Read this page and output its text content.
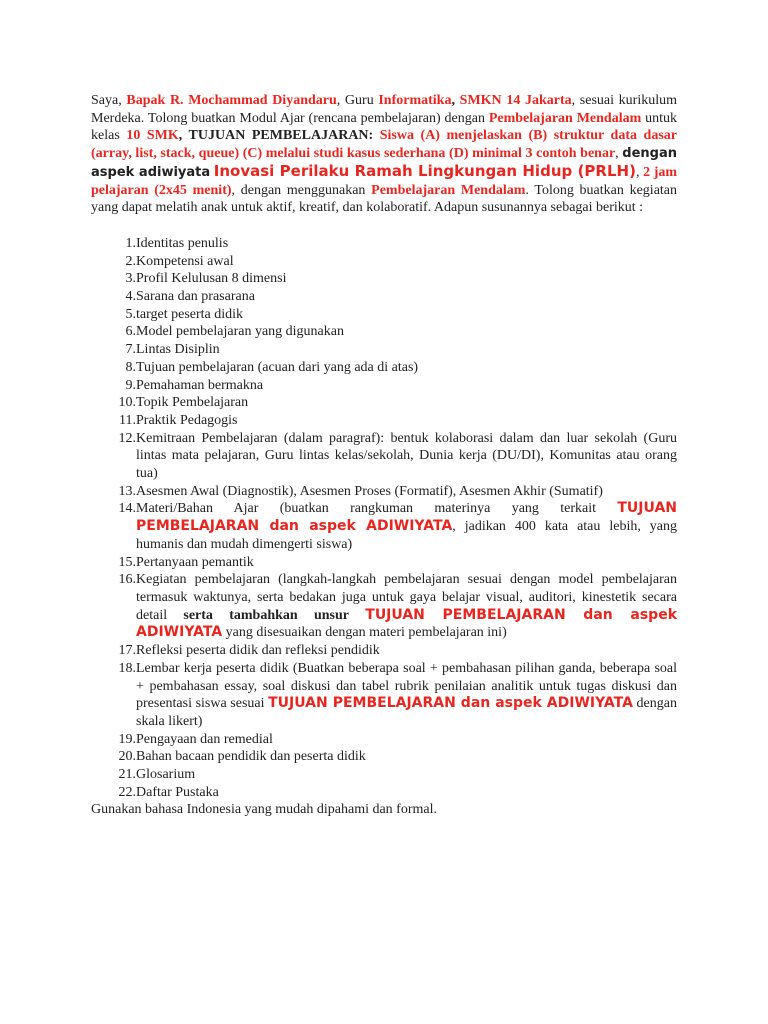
Saya, Bapak R. Mochammad Diyandaru, Guru Informatika, SMKN 14 Jakarta, sesuai kurikulum Merdeka. Tolong buatkan Modul Ajar (rencana pembelajaran) dengan Pembelajaran Mendalam untuk kelas 10 SMK, TUJUAN PEMBELAJARAN: Siswa (A) menjelaskan (B) struktur data dasar (array, list, stack, queue) (C) melalui studi kasus sederhana (D) minimal 3 contoh benar, dengan aspek adiwiyata Inovasi Perilaku Ramah Lingkungan Hidup (PRLH), 2 jam pelajaran (2x45 menit), dengan menggunakan Pembelajaran Mendalam. Tolong buatkan kegiatan yang dapat melatih anak untuk aktif, kreatif, dan kolaboratif. Adapun susunannya sebagai berikut :

1. Identitas penulis
2. Kompetensi awal
3. Profil Kelulusan 8 dimensi
4. Sarana dan prasarana
5. target peserta didik
6. Model pembelajaran yang digunakan
7. Lintas Disiplin
8. Tujuan pembelajaran (acuan dari yang ada di atas)
9. Pemahaman bermakna
10. Topik Pembelajaran
11. Praktik Pedagogis
12. Kemitraan Pembelajaran (dalam paragraf): bentuk kolaborasi dalam dan luar sekolah (Guru lintas mata pelajaran, Guru lintas kelas/sekolah, Dunia kerja (DU/DI), Komunitas atau orang tua)
13. Asesmen Awal (Diagnostik), Asesmen Proses (Formatif), Asesmen Akhir (Sumatif)
14. Materi/Bahan Ajar (buatkan rangkuman materinya yang terkait TUJUAN PEMBELAJARAN dan aspek ADIWIYATA, jadikan 400 kata atau lebih, yang humanis dan mudah dimengerti siswa)
15. Pertanyaan pemantik
16. Kegiatan pembelajaran (langkah-langkah pembelajaran sesuai dengan model pembelajaran termasuk waktunya, serta bedakan juga untuk gaya belajar visual, auditori, kinestetik secara detail serta tambahkan unsur TUJUAN PEMBELAJARAN dan aspek ADIWIYATA yang disesuaikan dengan materi pembelajaran ini)
17. Refleksi peserta didik dan refleksi pendidik
18. Lembar kerja peserta didik (Buatkan beberapa soal + pembahasan pilihan ganda, beberapa soal + pembahasan essay, soal diskusi dan tabel rubrik penilaian analitik untuk tugas diskusi dan presentasi siswa sesuai TUJUAN PEMBELAJARAN dan aspek ADIWIYATA dengan skala likert)
19. Pengayaan dan remedial
20. Bahan bacaan pendidik dan peserta didik
21. Glosarium
22. Daftar Pustaka

Gunakan bahasa Indonesia yang mudah dipahami dan formal.
